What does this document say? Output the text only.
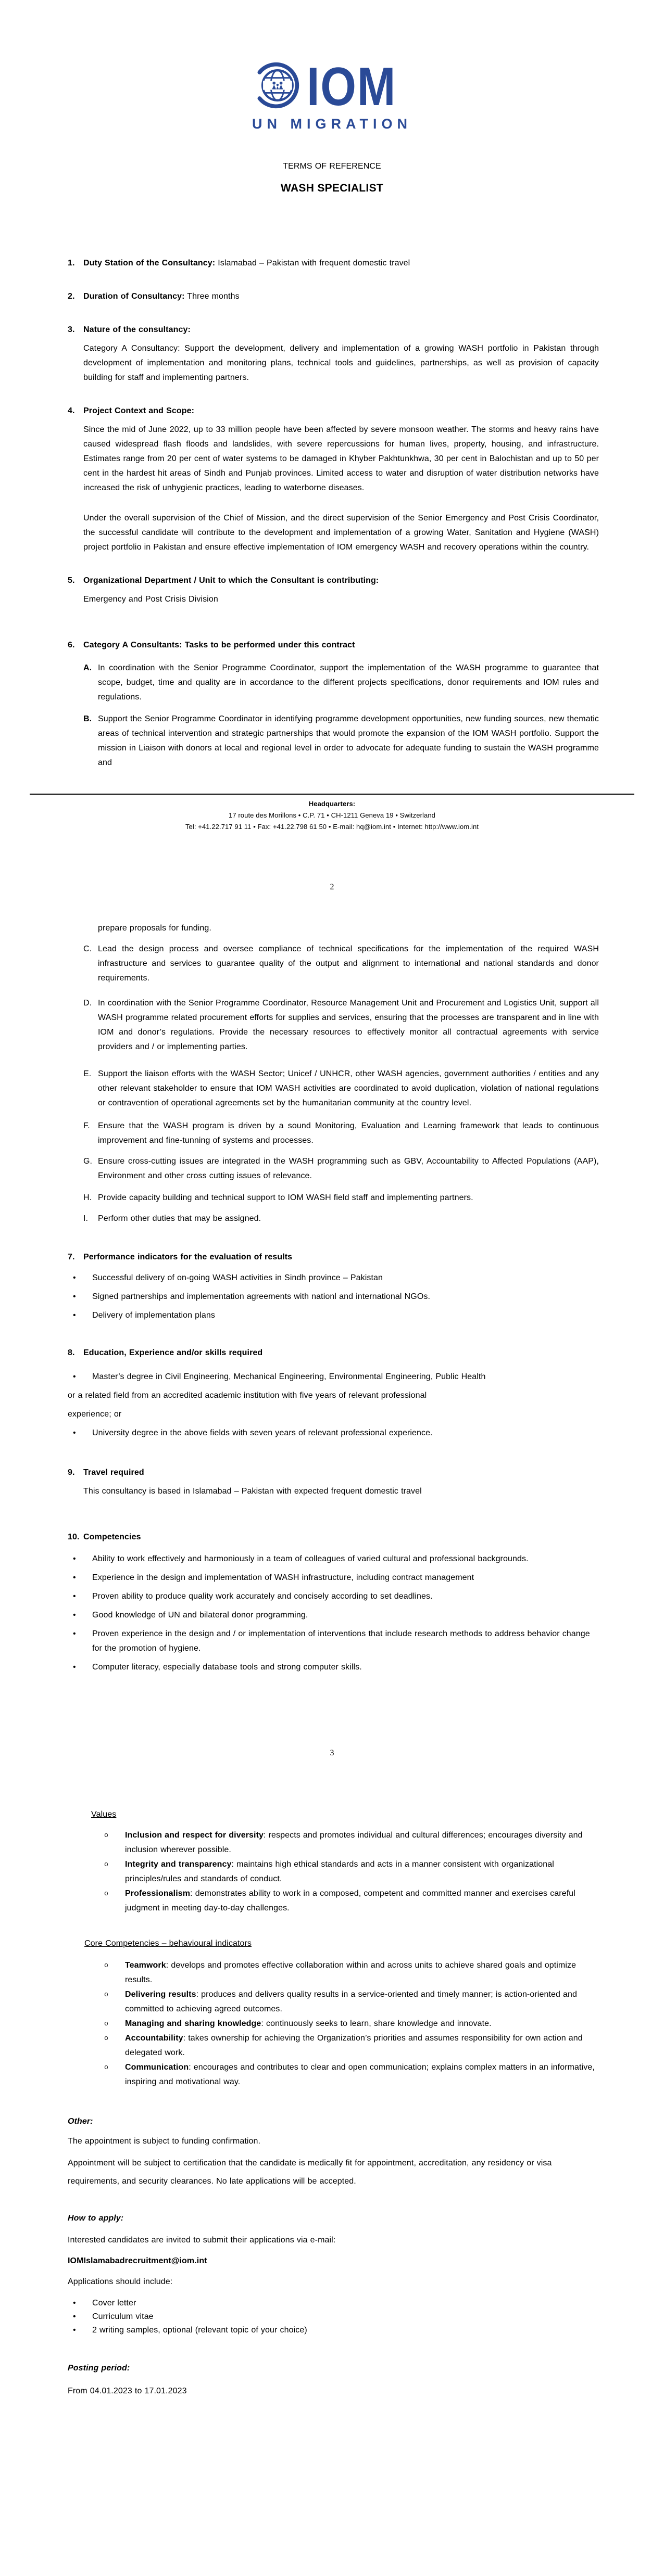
IOM
UN MIGRATION
TERMS OF REFERENCE
WASH SPECIALIST
1.	Duty Station of the Consultancy: Islamabad – Pakistan with frequent domestic travel
2.	Duration of Consultancy: Three months
3.	Nature of the consultancy:
Category A Consultancy: Support the development, delivery and implementation of a growing WASH portfolio in Pakistan through development of implementation and monitoring plans, technical tools and guidelines, partnerships, as well as provision of capacity building for staff and implementing partners.
4.	Project Context and Scope:
Since the mid of June 2022, up to 33 million people have been affected by severe monsoon weather. The storms and heavy rains have caused widespread flash floods and landslides, with severe repercussions for human lives, property, housing, and infrastructure. Estimates range from 20 per cent of water systems to be damaged in Khyber Pakhtunkhwa, 30 per cent in Balochistan and up to 50 per cent in the hardest hit areas of Sindh and Punjab provinces. Limited access to water and disruption of water distribution networks have increased the risk of unhygienic practices, leading to waterborne diseases.
Under the overall supervision of the Chief of Mission, and the direct supervision of the Senior Emergency and Post Crisis Coordinator, the successful candidate will contribute to the development and implementation of a growing Water, Sanitation and Hygiene (WASH) project portfolio in Pakistan and ensure effective implementation of IOM emergency WASH and recovery operations within the country.
5.	Organizational Department / Unit to which the Consultant is contributing:
Emergency and Post Crisis Division
6.	Category A Consultants: Tasks to be performed under this contract
A. In coordination with the Senior Programme Coordinator, support the implementation of the WASH programme to guarantee that scope, budget, time and quality are in accordance to the different projects specifications, donor requirements and IOM rules and regulations.
B. Support the Senior Programme Coordinator in identifying programme development opportunities, new funding sources, new thematic areas of technical intervention and strategic partnerships that would promote the expansion of the IOM WASH portfolio. Support the mission in Liaison with donors at local and regional level in order to advocate for adequate funding to sustain the WASH programme and
Headquarters:
17 route des Morillons • C.P. 71 • CH-1211 Geneva 19 • Switzerland
Tel: +41.22.717 91 11 • Fax: +41.22.798 61 50 • E-mail: hq@iom.int • Internet: http://www.iom.int
2
prepare proposals for funding.
C. Lead the design process and oversee compliance of technical specifications for the implementation of the required WASH infrastructure and services to guarantee quality of the output and alignment to international and national standards and donor requirements.
D. In coordination with the Senior Programme Coordinator, Resource Management Unit and Procurement and Logistics Unit, support all WASH programme related procurement efforts for supplies and services, ensuring that the processes are transparent and in line with IOM and donor’s regulations. Provide the necessary resources to effectively monitor all contractual agreements with service providers and / or implementing parties.
E. Support the liaison efforts with the WASH Sector; Unicef / UNHCR, other WASH agencies, government authorities / entities and any other relevant stakeholder to ensure that IOM WASH activities are coordinated to avoid duplication, violation of national regulations or contravention of operational agreements set by the humanitarian community at the country level.
F. Ensure that the WASH program is driven by a sound Monitoring, Evaluation and Learning framework that leads to continuous improvement and fine-tunning of systems and processes.
G. Ensure cross-cutting issues are integrated in the WASH programming such as GBV, Accountability to Affected Populations (AAP), Environment and other cross cutting issues of relevance.
H. Provide capacity building and technical support to IOM WASH field staff and implementing partners.
I.	Perform other duties that may be assigned.
7.	Performance indicators for the evaluation of results
•	Successful delivery of on-going WASH activities in Sindh province – Pakistan
•	Signed partnerships and implementation agreements with nationl and international NGOs.
•	Delivery of implementation plans
8.	Education, Experience and/or skills required
•	Master’s degree in Civil Engineering, Mechanical Engineering, Environmental Engineering, Public Health
or a related field from an accredited academic institution with five years of relevant professional
experience; or
•	University degree in the above fields with seven years of relevant professional experience.
9.	Travel required
This consultancy is based in Islamabad – Pakistan with expected frequent domestic travel
10. Competencies
•	Ability to work effectively and harmoniously in a team of colleagues of varied cultural and professional backgrounds.
•	Experience in the design and implementation of WASH infrastructure, including contract management
•	Proven ability to produce quality work accurately and concisely according to set deadlines.
•	Good knowledge of UN and bilateral donor programming.
•	Proven experience in the design and / or implementation of interventions that include research methods to address behavior change for the promotion of hygiene.
•	Computer literacy, especially database tools and strong computer skills.
3
Values
o	Inclusion and respect for diversity: respects and promotes individual and cultural differences; encourages diversity and inclusion wherever possible.
o	Integrity and transparency: maintains high ethical standards and acts in a manner consistent with organizational principles/rules and standards of conduct.
o	Professionalism: demonstrates ability to work in a composed, competent and committed manner and exercises careful judgment in meeting day-to-day challenges.
Core Competencies – behavioural indicators
o	Teamwork: develops and promotes effective collaboration within and across units to achieve shared goals and optimize results.
o	Delivering results: produces and delivers quality results in a service-oriented and timely manner; is action-oriented and committed to achieving agreed outcomes.
o	Managing and sharing knowledge: continuously seeks to learn, share knowledge and innovate.
o	Accountability: takes ownership for achieving the Organization’s priorities and assumes responsibility for own action and delegated work.
o	Communication: encourages and contributes to clear and open communication; explains complex matters in an informative, inspiring and motivational way.
Other:
The appointment is subject to funding confirmation.
Appointment will be subject to certification that the candidate is medically fit for appointment, accreditation, any residency or visa requirements, and security clearances. No late applications will be accepted.
How to apply:
Interested candidates are invited to submit their applications via e-mail:
IOMIslamabadrecruitment@iom.int
Applications should include:
•	Cover letter
•	Curriculum vitae
•	2 writing samples, optional (relevant topic of your choice)
Posting period:
From 04.01.2023 to 17.01.2023
